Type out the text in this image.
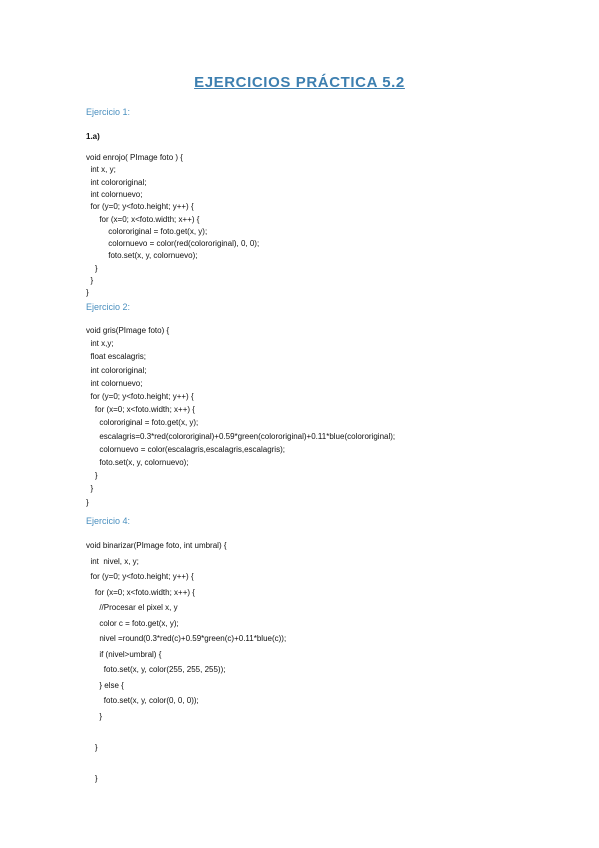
EJERCICIOS PRÁCTICA 5.2
Ejercicio 1:
1.a)
void enrojo( PImage foto ) {
int x, y;
int colororiginal;
int colornuevo;
for (y=0; y<foto.height; y++) {
for (x=0; x<foto.width; x++) {
colororiginal = foto.get(x, y);
colornuevo = color(red(colororiginal), 0, 0);
foto.set(x, y, colornuevo);
}
}
}
Ejercicio 2:
void gris(PImage foto) {
int x,y;
float escalagris;
int colororiginal;
int colornuevo;
for (y=0; y<foto.height; y++) {
for (x=0; x<foto.width; x++) {
colororiginal = foto.get(x, y);
escalagris=0.3*red(colororiginal)+0.59*green(colororiginal)+0.11*blue(colororiginal);
colornuevo = color(escalagris,escalagris,escalagris);
foto.set(x, y, colornuevo);
}
}
}
Ejercicio 4:
void binarizar(PImage foto, int umbral) {
int  nivel, x, y;
for (y=0; y<foto.height; y++) {
for (x=0; x<foto.width; x++) {
//Procesar el pixel x, y
color c = foto.get(x, y);
nivel =round(0.3*red(c)+0.59*green(c)+0.11*blue(c));
if (nivel>umbral) {
foto.set(x, y, color(255, 255, 255));
} else {
foto.set(x, y, color(0, 0, 0));
}
}
}
